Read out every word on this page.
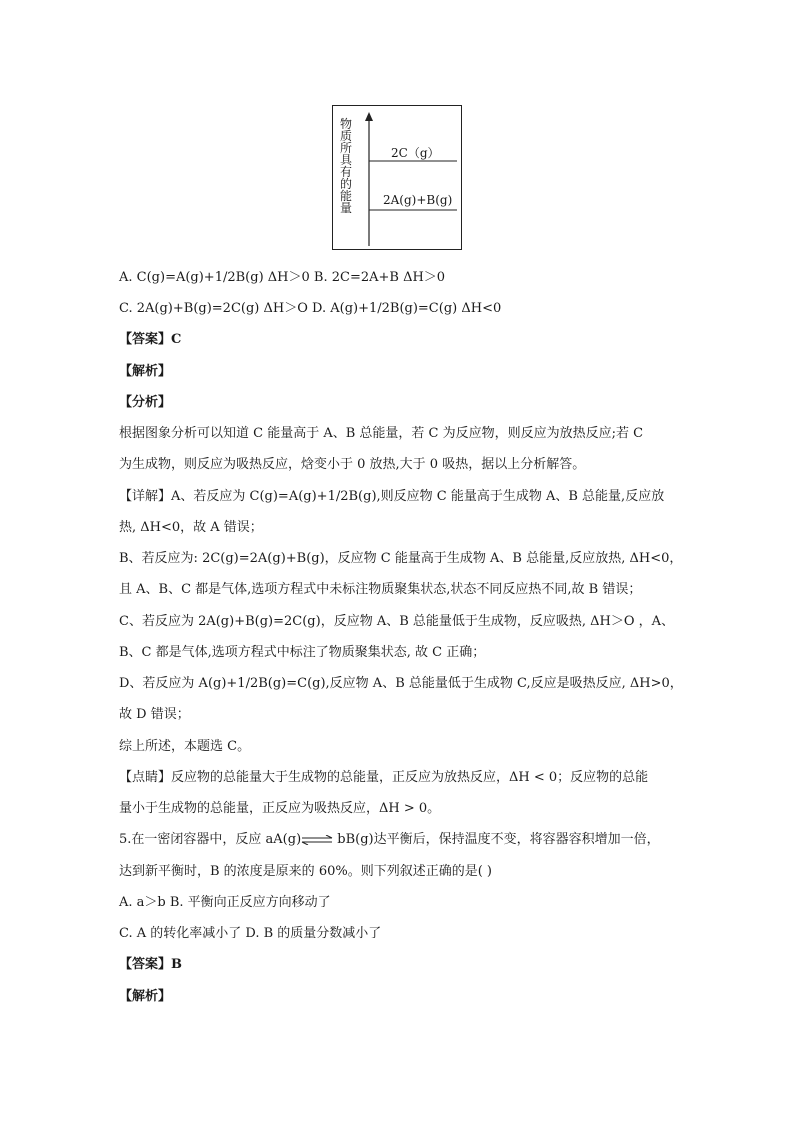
物质所具有的能量
2C（g）
2A(g)+B(g)
A. C(g)=A(g)+1/2B(g) ΔH＞0 B. 2C=2A+B ΔH＞0
C. 2A(g)+B(g)=2C(g) ΔH＞O D. A(g)+1/2B(g)=C(g) ΔH<0
【答案】C
【解析】
【分析】
根据图象分析可以知道 C 能量高于 A、B 总能量，若 C 为反应物，则反应为放热反应;若 C
为生成物，则反应为吸热反应，焓变小于 0 放热,大于 0 吸热，据以上分析解答。
【详解】A、若反应为 C(g)=A(g)+1/2B(g),则反应物 C 能量高于生成物 A、B 总能量,反应放
热, ΔH<0，故 A 错误；
B、若反应为: 2C(g)=2A(g)+B(g)，反应物 C 能量高于生成物 A、B 总能量,反应放热, ΔH<0，
且 A、B、C 都是气体,选项方程式中未标注物质聚集状态,状态不同反应热不同,故 B 错误；
C、若反应为 2A(g)+B(g)=2C(g)，反应物 A、B 总能量低于生成物，反应吸热, ΔH＞O ，A、
B、C 都是气体,选项方程式中标注了物质聚集状态, 故 C 正确；
D、若反应为 A(g)+1/2B(g)=C(g),反应物 A、B 总能量低于生成物 C,反应是吸热反应, ΔH>0，
故 D 错误；
综上所述，本题选 C。
【点睛】反应物的总能量大于生成物的总能量，正反应为放热反应，ΔH < 0；反应物的总能
量小于生成物的总能量，正反应为吸热反应，ΔH > 0。
5.在一密闭容器中，反应 aA(g)⇌ bB(g)达平衡后，保持温度不变，将容器容积增加一倍，
达到新平衡时，B 的浓度是原来的 60%。则下列叙述正确的是( )
A. a＞b B. 平衡向正反应方向移动了
C. A 的转化率减小了 D. B 的质量分数减小了
【答案】B
【解析】
